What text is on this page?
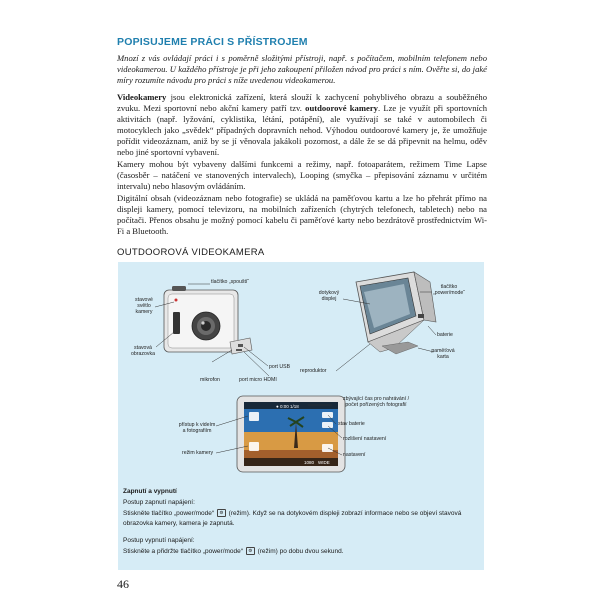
POPISUJEME PRÁCI S PŘÍSTROJEM
Mnozí z vás ovládají práci i s poměrně složitými přístroji, např. s počítačem, mobilním telefonem nebo videokamerou. U každého přístroje je při jeho zakoupení přiložen návod pro práci s ním. Ověřte si, do jaké míry rozumíte návodu pro práci s níže uvedenou videokamerou.
Videokamery jsou elektronická zařízení, která slouží k zachycení pohyblivého obrazu a souběžného zvuku. Mezi sportovní nebo akční kamery patří tzv. outdoorové kamery. Lze je využít při sportovních aktivitách (např. lyžování, cyklistika, létání, potápění), ale využívají se také v automobilech či motocyklech jako „svědek“ případných dopravních nehod. Výhodou outdoorové kamery je, že umožňuje pořídit videozáznam, aniž by se jí věnovala jakákoli pozornost, a dále že se dá připevnit na helmu, oděv nebo jiné sportovní vybavení.
Kamery mohou být vybaveny dalšími funkcemi a režimy, např. fotoaparátem, režimem Time Lapse (časosběr – natáčení ve stanovených intervalech), Looping (smyčka – přepisování záznamu v určitém intervalu) nebo hlasovým ovládáním.
Digitální obsah (videozáznam nebo fotografie) se ukládá na paměťovou kartu a lze ho přehrát přímo na displeji kamery, pomocí televizoru, na mobilních zařízeních (chytrých telefonech, tabletech) nebo na počítači. Přenos obsahu je možný pomocí kabelu či paměťové karty nebo bezdrátově prostřednictvím Wi-Fi a Bluetooth.
OUTDOOROVÁ VIDEOKAMERA
● 0:00 1/18
WIDE
1080
tlačítko „spouští“
stavové
světlo
kamery
stavová
obrazovka
mikrofon
port USB
port micro HDMI
dotykový
displej
tlačítko
„power/mode“
baterie
paměťová
karta
reproduktor
zbývající čas pro nahrávání /
počet pořízených fotografií
stav baterie
rozlišení nastavení
nastavení
přístup k videím
a fotografiím
režim kamery
Zapnutí a vypnutí
Postup zapnutí napájení:
Stiskněte tlačítko „power/mode“ ⚙ (režim). Když se na dotykovém displeji zobrazí informace nebo se objeví stavová obrazovka kamery, kamera je zapnutá.
Postup vypnutí napájení:
Stiskněte a přidržte tlačítko „power/mode“ ⚙ (režim) po dobu dvou sekund.
46
